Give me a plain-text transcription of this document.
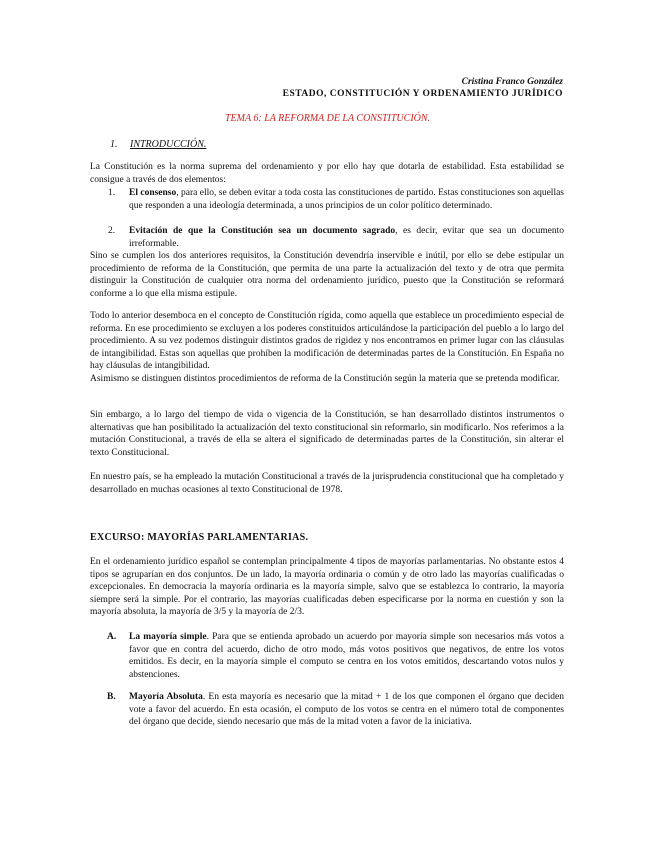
Cristina Franco González
ESTADO, CONSTITUCIÓN Y ORDENAMIENTO JURÍDICO
TEMA 6: LA REFORMA DE LA CONSTITUCIÓN.
1. INTRODUCCIÓN.

La Constitución es la norma suprema del ordenamiento y por ello hay que dotarla de estabilidad. Esta estabilidad se consigue a través de dos elementos:

1.	El consenso, para ello, se deben evitar a toda costa las constituciones de partido. Estas constituciones son aquellas que responden a una ideología determinada, a unos principios de un color político determinado.
2.	Evitación de que la Constitución sea un documento sagrado, es decir, evitar que sea un documento irreformable.

Sino se cumplen los dos anteriores requisitos, la Constitución devendría inservible e inútil, por ello se debe estipular un procedimiento de reforma de la Constitución, que permita de una parte la actualización del texto y de otra que permita distinguir la Constitución de cualquier otra norma del ordenamiento jurídico, puesto que la Constitución se reformará conforme a lo que ella misma estipule.

Todo lo anterior desemboca en el concepto de Constitución rígida, como aquella que establece un procedimiento especial de reforma. En ese procedimiento se excluyen a los poderes constituidos articulándose la participación del pueblo a lo largo del procedimiento. A su vez podemos distinguir distintos grados de rigidez y nos encontramos en primer lugar con las cláusulas de intangibilidad. Estas son aquellas que prohíben la modificación de determinadas partes de la Constitución. En España no hay cláusulas de intangibilidad.

Asimismo se distinguen distintos procedimientos de reforma de la Constitución según la materia que se pretenda modificar.

Sin embargo, a lo largo del tiempo de vida o vigencia de la Constitución, se han desarrollado distintos instrumentos o alternativas que han posibilitado la actualización del texto constitucional sin reformarlo, sin modificarlo. Nos referimos a la mutación Constitucional, a través de ella se altera el significado de determinadas partes de la Constitución, sin alterar el texto Constitucional.

En nuestro país, se ha empleado la mutación Constitucional a través de la jurisprudencia constitucional que ha completado y desarrollado en muchas ocasiones al texto Constitucional de 1978.

EXCURSO: MAYORÍAS PARLAMENTARIAS.

En el ordenamiento jurídico español se contemplan principalmente 4 tipos de mayorías parlamentarias. No obstante estos 4 tipos se agruparían en dos conjuntos. De un lado, la mayoría ordinaria o común y de otro lado las mayorías cualificadas o excepcionales. En democracia la mayoría ordinaria es la mayoría simple, salvo que se establezca lo contrario, la mayoría siempre será la simple. Por el contrario, las mayorías cualificadas deben especificarse por la norma en cuestión y son la mayoría absoluta, la mayoría de 3/5 y la mayoría de 2/3.

A.	La mayoría simple. Para que se entienda aprobado un acuerdo por mayoría simple son necesarios más votos a favor que en contra del acuerdo, dicho de otro modo, más votos positivos que negativos, de entre los votos emitidos. Es decir, en la mayoría simple el computo se centra en los votos emitidos, descartando votos nulos y abstenciones.
B.	Mayoría Absoluta. En esta mayoría es necesario que la mitad + 1 de los que componen el órgano que deciden vote a favor del acuerdo. En esta ocasión, el computo de los votos se centra en el número total de componentes del órgano que decide, siendo necesario que más de la mitad voten a favor de la iniciativa.
